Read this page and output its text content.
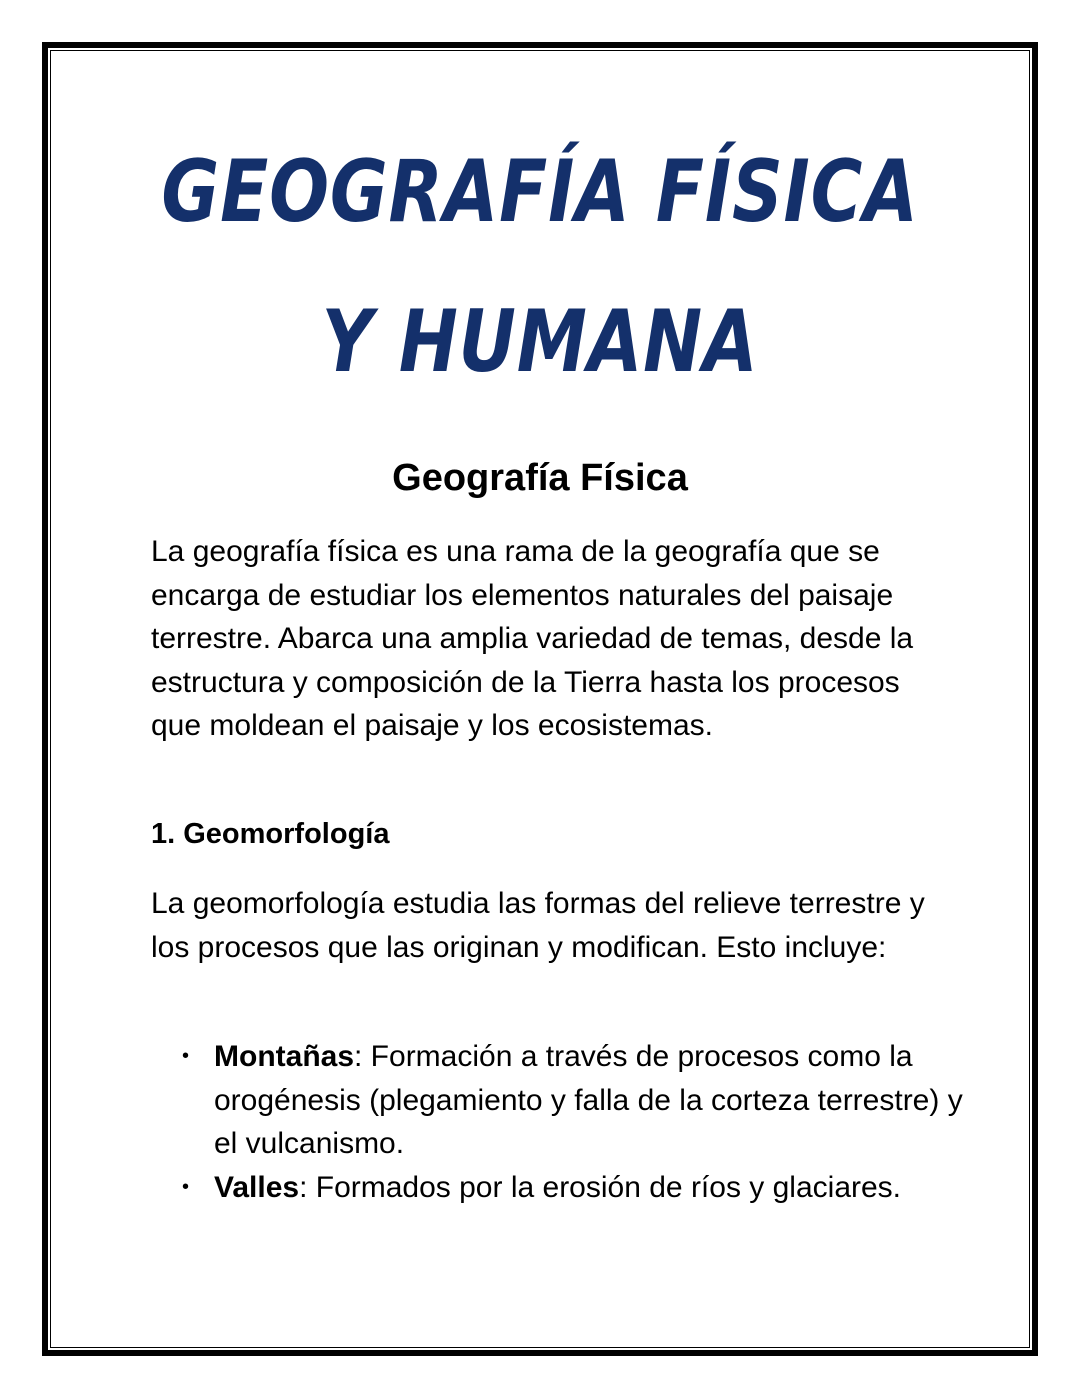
GEOGRAFÍA FÍSICA
Y HUMANA
Geografía Física
La geografía física es una rama de la geografía que se encarga de estudiar los elementos naturales del paisaje terrestre. Abarca una amplia variedad de temas, desde la estructura y composición de la Tierra hasta los procesos que moldean el paisaje y los ecosistemas.
1. Geomorfología
La geomorfología estudia las formas del relieve terrestre y los procesos que las originan y modifican. Esto incluye:
• Montañas: Formación a través de procesos como la orogénesis (plegamiento y falla de la corteza terrestre) y el vulcanismo.
• Valles: Formados por la erosión de ríos y glaciares.
